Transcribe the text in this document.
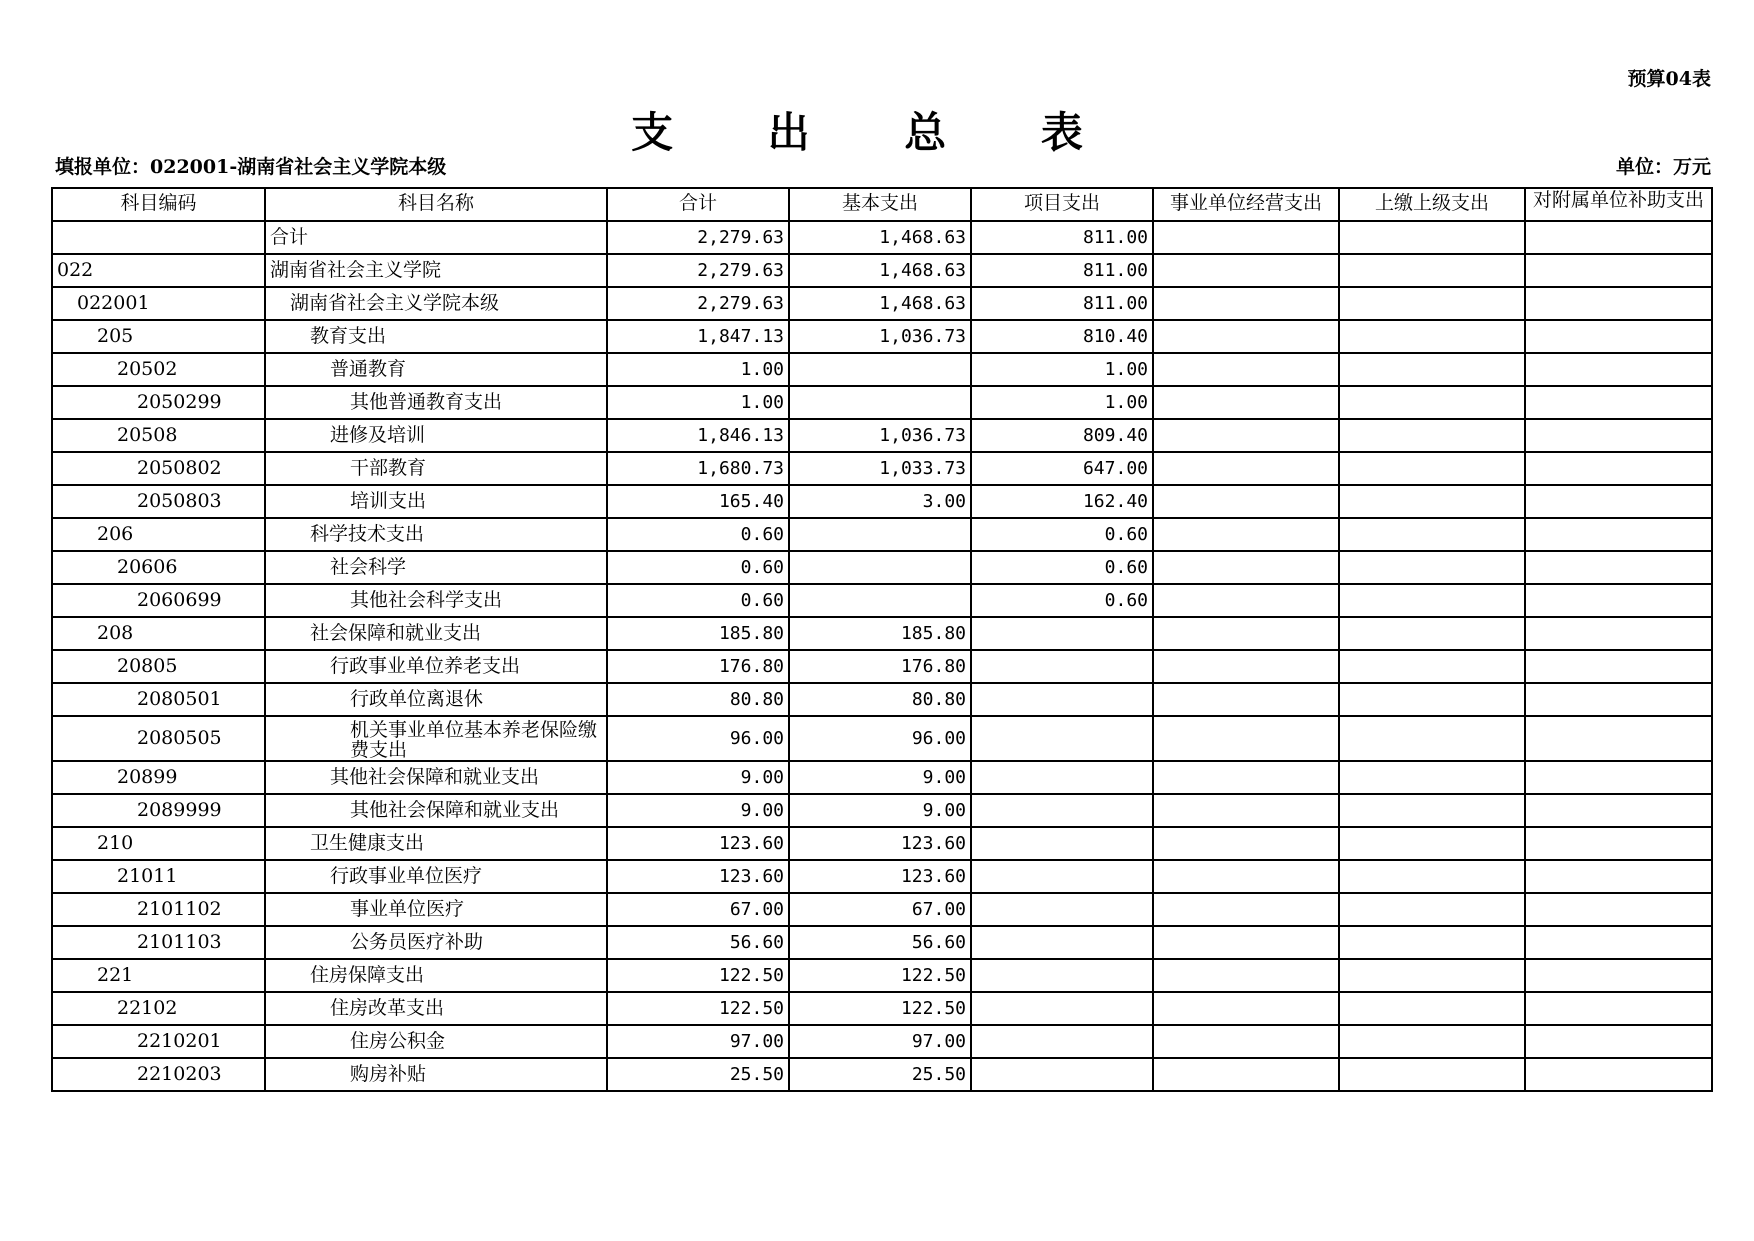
预算04表
支 出 总 表
填报单位：022001-湖南省社会主义学院本级	单位：万元
科目编码	科目名称	合计	基本支出	项目支出	事业单位经营支出	上缴上级支出	对附属单位补助支出
	合计	2,279.63	1,468.63	811.00			
022	湖南省社会主义学院	2,279.63	1,468.63	811.00			
022001	湖南省社会主义学院本级	2,279.63	1,468.63	811.00			
205	教育支出	1,847.13	1,036.73	810.40			
20502	普通教育	1.00		1.00			
2050299	其他普通教育支出	1.00		1.00			
20508	进修及培训	1,846.13	1,036.73	809.40			
2050802	干部教育	1,680.73	1,033.73	647.00			
2050803	培训支出	165.40	3.00	162.40			
206	科学技术支出	0.60		0.60			
20606	社会科学	0.60		0.60			
2060699	其他社会科学支出	0.60		0.60			
208	社会保障和就业支出	185.80	185.80				
20805	行政事业单位养老支出	176.80	176.80				
2080501	行政单位离退休	80.80	80.80				
2080505	机关事业单位基本养老保险缴费支出	96.00	96.00				
20899	其他社会保障和就业支出	9.00	9.00				
2089999	其他社会保障和就业支出	9.00	9.00				
210	卫生健康支出	123.60	123.60				
21011	行政事业单位医疗	123.60	123.60				
2101102	事业单位医疗	67.00	67.00				
2101103	公务员医疗补助	56.60	56.60				
221	住房保障支出	122.50	122.50				
22102	住房改革支出	122.50	122.50				
2210201	住房公积金	97.00	97.00				
2210203	购房补贴	25.50	25.50				
